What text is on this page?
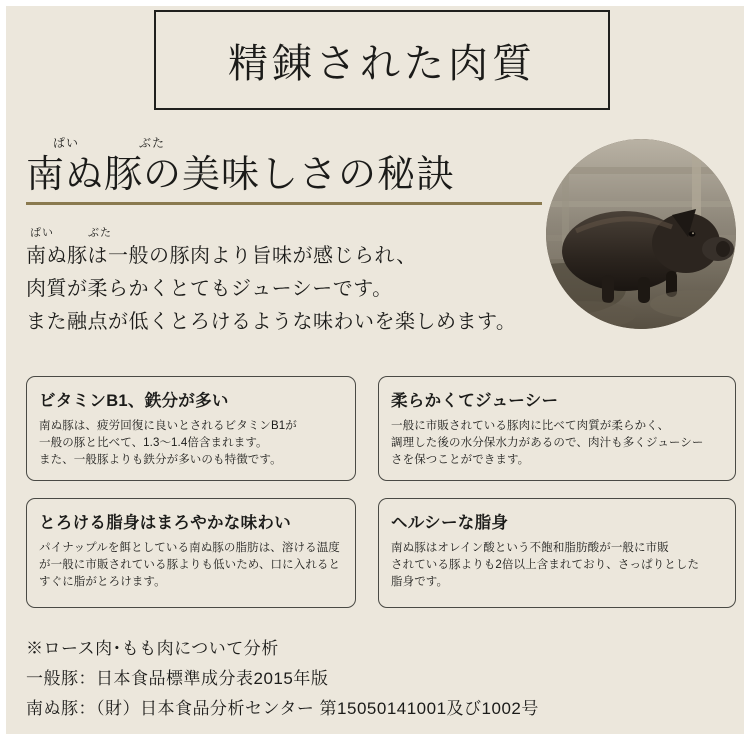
精錬された肉質
ぱい	ぶた
南ぬ豚の美味しさの秘訣
ぱい	ぶた
南ぬ豚は一般の豚肉より旨味が感じられ、
肉質が柔らかくとてもジューシーです。
また融点が低くとろけるような味わいを楽しめます。
ビタミンB1、鉄分が多い
南ぬ豚は、疲労回復に良いとされるビタミンB1が
一般の豚と比べて、1.3～1.4倍含まれます。
また、一般豚よりも鉄分が多いのも特徴です。
柔らかくてジューシー
一般に市販されている豚肉に比べて肉質が柔らかく、
調理した後の水分保水力があるので、肉汁も多くジューシー
さを保つことができます。
とろける脂身はまろやかな味わい
パイナップルを餌としている南ぬ豚の脂肪は、溶ける温度
が一般に市販されている豚よりも低いため、口に入れると
すぐに脂がとろけます。
ヘルシーな脂身
南ぬ豚はオレイン酸という不飽和脂肪酸が一般に市販
されている豚よりも2倍以上含まれており、さっぱりとした
脂身です。
※ロース肉･もも肉について分析
一般豚：日本食品標準成分表2015年版
南ぬ豚：（財）日本食品分析センター 第15050141001及び1002号
